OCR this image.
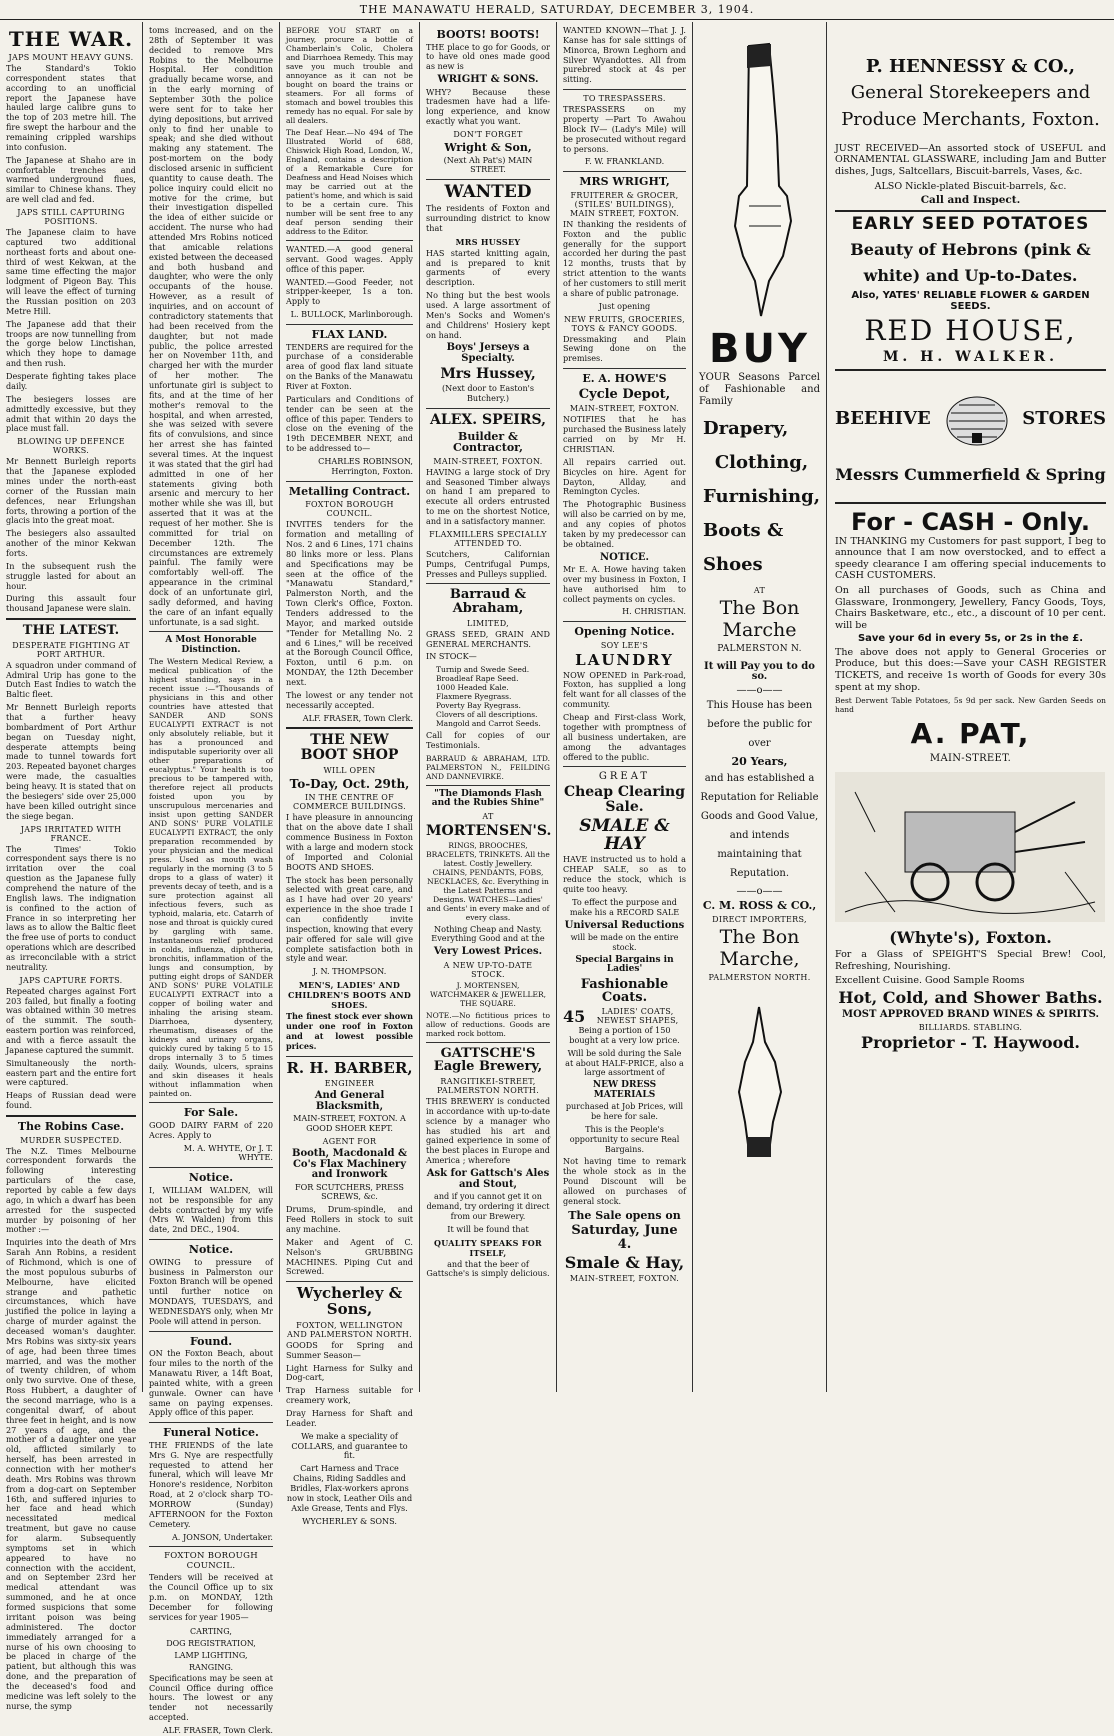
THE MANAWATU HERALD, SATURDAY, DECEMBER 3, 1904.
THE WAR.
JAPS MOUNT HEAVY GUNS.
The Standard's Tokio correspondent states that according to an unofficial report the Japanese have hauled large calibre guns to the top of 203 metre hill. The fire swept the harbour and the remaining crippled warships into confusion.
The Japanese at Shaho are in comfortable trenches and warmed underground flues, similar to Chinese khans. They are well clad and fed.
JAPS STILL CAPTURING POSITIONS.
The Japanese claim to have captured two additional northeast forts and about one-third of west Kekwan, at the same time effecting the major lodgment of Pigeon Bay. This will leave the effect of turning the Russian position on 203 Metre Hill.
The Japanese add that their troops are now tunnelling from the gorge below Linctishan, which they hope to damage and then rush.
Desperate fighting takes place daily.
The besiegers losses are admittedly excessive, but they admit that within 20 days the place must fall.
BLOWING UP DEFENCE WORKS.
Mr Bennett Burleigh reports that the Japanese exploded mines under the north-east corner of the Russian main defences, near Erlungshan forts, throwing a portion of the glacis into the great moat.
The besiegers also assaulted another of the minor Kekwan forts.
In the subsequent rush the struggle lasted for about an hour.
During this assault four thousand Japanese were slain.
THE LATEST.
DESPERATE FIGHTING AT PORT ARTHUR.
A squadron under command of Admiral Urip has gone to the Dutch East Indies to watch the Baltic fleet.
Mr Bennett Burleigh reports that a further heavy bombardment of Port Arthur began on Tuesday night, desperate attempts being made to tunnel towards fort 203. Repeated bayonet charges were made, the casualties being heavy. It is stated that on the besiegers' side over 25,000 have been killed outright since the siege began.
JAPS IRRITATED WITH FRANCE.
The Times' Tokio correspondent says there is no irritation over the coal question as the Japanese fully comprehend the nature of the English laws. The indignation is confined to the action of France in so interpreting her laws as to allow the Baltic fleet the free use of ports to conduct operations which are described as irreconcilable with a strict neutrality.
JAPS CAPTURE FORTS.
Repeated charges against Fort 203 failed, but finally a footing was obtained within 30 metres of the summit. The south-eastern portion was reinforced, and with a fierce assault the Japanese captured the summit.
Simultaneously the north-eastern part and the entire fort were captured.
Heaps of Russian dead were found.
The Robins Case.
MURDER SUSPECTED.
The N.Z. Times Melbourne correspondent forwards the following interesting particulars of the case, reported by cable a few days ago, in which a dwarf has been arrested for the suspected murder by poisoning of her mother :—
Inquiries into the death of Mrs Sarah Ann Robins, a resident of Richmond, which is one of the most populous suburbs of Melbourne, have elicited strange and pathetic circumstances, which have justified the police in laying a charge of murder against the deceased woman's daughter. Mrs Robins was sixty-six years of age, had been three times married, and was the mother of twenty children, of whom only two survive. One of these, Ross Hubbert, a daughter of the second marriage, who is a congenital dwarf, of about three feet in height, and is now 27 years of age, and the mother of a daughter one year old, afflicted similarly to herself, has been arrested in connection with her mother's death. Mrs Robins was thrown from a dog-cart on September 16th, and suffered injuries to her face and head which necessitated medical treatment, but gave no cause for alarm. Subsequently symptoms set in which appeared to have no connection with the accident, and on September 23rd her medical attendant was summoned, and he at once formed suspicions that some irritant poison was being administered. The doctor immediately arranged for a nurse of his own choosing to be placed in charge of the patient, but although this was done, and the preparation of the deceased's food and medicine was left solely to the nurse, the symp
toms increased, and on the 28th of September it was decided to remove Mrs Robins to the Melbourne Hospital. Her condition gradually became worse, and in the early morning of September 30th the police were sent for to take her dying depositions, but arrived only to find her unable to speak; and she died without making any statement. The post-mortem on the body disclosed arsenic in sufficient quantity to cause death. The police inquiry could elicit no motive for the crime, but their investigation dispelled the idea of either suicide or accident. The nurse who had attended Mrs Robins noticed that amicable relations existed between the deceased and both husband and daughter, who were the only occupants of the house. However, as a result of inquiries, and on account of contradictory statements that had been received from the daughter, but not made public, the police arrested her on November 11th, and charged her with the murder of her mother. The unfortunate girl is subject to fits, and at the time of her mother's removal to the hospital, and when arrested, she was seized with severe fits of convulsions, and since her arrest she has fainted several times. At the inquest it was stated that the girl had admitted in one of her statements giving both arsenic and mercury to her mother while she was ill, but asserted that it was at the request of her mother. She is committed for trial on December 12th. The circumstances are extremely painful. The family were comfortably well-off. The appearance in the criminal dock of an unfortunate girl, sadly deformed, and having the care of an infant equally unfortunate, is a sad sight.
A Most Honorable Distinction.
The Western Medical Review, a medical publication of the highest standing, says in a recent issue :—"Thousands of physicians in this and other countries have attested that SANDER AND SONS EUCALYPTI EXTRACT is not only absolutely reliable, but it has a pronounced and indisputable superiority over all other preparations of eucalyptus." Your health is too precious to be tampered with, therefore reject all products foisted upon you by unscrupulous mercenaries and insist upon getting SANDER AND SONS' PURE VOLATILE EUCALYPTI EXTRACT, the only preparation recommended by your physician and the medical press. Used as mouth wash regularly in the morning (3 to 5 drops to a glass of water) it prevents decay of teeth, and is a sure protection against all infectious fevers, such as typhoid, malaria, etc. Catarrh of nose and throat is quickly cured by gargling with same. Instantaneous relief produced in colds, influenza, diphtheria, bronchitis, inflammation of the lungs and consumption, by putting eight drops of SANDER AND SONS' PURE VOLATILE EUCALYPTI EXTRACT into a copper of boiling water and inhaling the arising steam. Diarrhoea, dysentery, rheumatism, diseases of the kidneys and urinary organs, quickly cured by taking 5 to 15 drops internally 3 to 5 times daily. Wounds, ulcers, sprains and skin diseases it heals without inflammation when painted on.
For Sale.
GOOD DAIRY FARM of 220 Acres. Apply to
M. A. WHYTE, Or J. T. WHYTE.
Notice.
I, WILLIAM WALDEN, will not be responsible for any debts contracted by my wife (Mrs W. Walden) from this date, 2nd DEC., 1904.
Notice.
OWING to pressure of business in Palmerston our Foxton Branch will be opened until further notice on MONDAYS, TUESDAYS, and WEDNESDAYS only, when Mr Poole will attend in person.
Found.
ON the Foxton Beach, about four miles to the north of the Manawatu River, a 14ft Boat, painted white, with a green gunwale. Owner can have same on paying expenses. Apply office of this paper.
Funeral Notice.
THE FRIENDS of the late Mrs G. Nye are respectfully requested to attend her funeral, which will leave Mr Honore's residence, Norbiton Road, at 2 o'clock sharp TO-MORROW (Sunday) AFTERNOON for the Foxton Cemetery.
A. JONSON, Undertaker.
FOXTON BOROUGH COUNCIL.
Tenders will be received at the Council Office up to six p.m. on MONDAY, 12th December for following services for year 1905—
CARTING,
DOG REGISTRATION,
LAMP LIGHTING,
RANGING.
Specifications may be seen at Council Office during office hours. The lowest or any tender not necessarily accepted.
ALF. FRASER, Town Clerk.
BEFORE YOU START on a journey, procure a bottle of Chamberlain's Colic, Cholera and Diarrhoea Remedy. This may save you much trouble and annoyance as it can not be bought on board the trains or steamers. For all forms of stomach and bowel troubles this remedy has no equal. For sale by all dealers.
The Deaf Hear.—No 494 of The Illustrated World of 688, Chiswick High Road, London, W., England, contains a description of a Remarkable Cure for Deafness and Head Noises which may be carried out at the patient's home, and which is said to be a certain cure. This number will be sent free to any deaf person sending their address to the Editor.
WANTED.—A good general servant. Good wages. Apply office of this paper.
WANTED.—Good Feeder, not stripper-keeper, 1s a ton. Apply to
L. BULLOCK, Marlinborough.
FLAX LAND.
TENDERS are required for the purchase of a considerable area of good flax land situate on the Banks of the Manawatu River at Foxton.
Particulars and Conditions of tender can be seen at the office of this paper. Tenders to close on the evening of the 19th DECEMBER NEXT, and to be addressed to—
CHARLES ROBINSON, Herrington, Foxton.
Metalling Contract.
FOXTON BOROUGH COUNCIL.
INVITES tenders for the formation and metalling of Nos. 2 and 6 Lines, 171 chains 80 links more or less. Plans and Specifications may be seen at the office of the "Manawatu Standard," Palmerston North, and the Town Clerk's Office, Foxton. Tenders addressed to the Mayor, and marked outside "Tender for Metalling No. 2 and 6 Lines," will be received at the Borough Council Office, Foxton, until 6 p.m. on MONDAY, the 12th December next.
The lowest or any tender not necessarily accepted.
ALF. FRASER, Town Clerk.
THE NEW BOOT SHOP
WILL OPEN
To-Day, Oct. 29th,
IN THE CENTRE OF COMMERCE BUILDINGS.
I have pleasure in announcing that on the above date I shall commence Business in Foxton with a large and modern stock of Imported and Colonial BOOTS AND SHOES.
The stock has been personally selected with great care, and as I have had over 20 years' experience in the shoe trade I can confidently invite inspection, knowing that every pair offered for sale will give complete satisfaction both in style and wear.
J. N. THOMPSON.
MEN'S, LADIES' AND CHILDREN'S BOOTS AND SHOES.
The finest stock ever shown under one roof in Foxton and at lowest possible prices.
R. H. BARBER,
ENGINEER
And General Blacksmith,
MAIN-STREET, FOXTON. A GOOD SHOER KEPT.
AGENT FOR
Booth, Macdonald & Co's Flax Machinery and Ironwork
FOR SCUTCHERS, PRESS SCREWS, &c.
Drums, Drum-spindle, and Feed Rollers in stock to suit any machine.
Maker and Agent of C. Nelson's GRUBBING MACHINES. Piping Cut and Screwed.
Wycherley & Sons,
FOXTON, WELLINGTON AND PALMERSTON NORTH.
GOODS for Spring and Summer Season—
Light Harness for Sulky and Dog-cart,
Trap Harness suitable for creamery work,
Dray Harness for Shaft and Leader.
We make a speciality of COLLARS, and guarantee to fit.
Cart Harness and Trace Chains, Riding Saddles and Bridles, Flax-workers aprons now in stock, Leather Oils and Axle Grease, Tents and Flys.
WYCHERLEY & SONS.
BOOTS! BOOTS!
THE place to go for Goods, or to have old ones made good as new is
WRIGHT & SONS.
WHY? Because these tradesmen have had a life-long experience, and know exactly what you want.
DON'T FORGET
Wright & Son,
(Next Ah Pat's) MAIN STREET.
WANTED
The residents of Foxton and surrounding district to know that
MRS HUSSEY
HAS started knitting again, and is prepared to knit garments of every description.
No thing but the best wools used. A large assortment of Men's Socks and Women's and Childrens' Hosiery kept on hand.
Boys' Jerseys a Specialty.
Mrs Hussey,
(Next door to Easton's Butchery.)
ALEX. SPEIRS,
Builder & Contractor,
MAIN-STREET, FOXTON.
HAVING a large stock of Dry and Seasoned Timber always on hand I am prepared to execute all orders entrusted to me on the shortest Notice, and in a satisfactory manner.
FLAXMILLERS SPECIALLY ATTENDED TO.
Scutchers, Californian Pumps, Centrifugal Pumps, Presses and Pulleys supplied.
Barraud & Abraham,
LIMITED,
GRASS SEED, GRAIN AND GENERAL MERCHANTS.
IN STOCK—
Turnip and Swede Seed.
Broadleaf Rape Seed.
1000 Headed Kale.
Flaxmere Ryegrass.
Poverty Bay Ryegrass.
Clovers of all descriptions.
Mangold and Carrot Seeds.
Call for copies of our Testimonials.
BARRAUD & ABRAHAM, LTD. PALMERSTON N., FEILDING AND DANNEVIRKE.
"The Diamonds Flash and the Rubies Shine"
AT
MORTENSEN'S.
RINGS, BROOCHES, BRACELETS, TRINKETS. All the latest. Costly Jewellery. CHAINS, PENDANTS, FOBS, NECKLACES, &c. Everything in the Latest Patterns and Designs. WATCHES—Ladies' and Gents' in every make and of every class.
Nothing Cheap and Nasty. Everything Good and at the
Very Lowest Prices.
A NEW UP-TO-DATE STOCK.
J. MORTENSEN, WATCHMAKER & JEWELLER, THE SQUARE.
NOTE.—No fictitious prices to allow of reductions. Goods are marked rock bottom.
GATTSCHE'S Eagle Brewery,
RANGITIKEI-STREET, PALMERSTON NORTH.
THIS BREWERY is conducted in accordance with up-to-date science by a manager who has studied his art and gained experience in some of the best places in Europe and America ; wherefore
Ask for Gattsch's Ales and Stout,
and if you cannot get it on demand, try ordering it direct from our Brewery.
It will be found that
QUALITY SPEAKS FOR ITSELF,
and that the beer of Gattsche's is simply delicious.
WANTED KNOWN—That J. J. Kanse has for sale sittings of Minorca, Brown Leghorn and Silver Wyandottes. All from purebred stock at 4s per sitting.
TO TRESPASSERS.
TRESPASSERS on my property —Part To Awahou Block IV— (Lady's Mile) will be prosecuted without regard to persons.
F. W. FRANKLAND.
MRS WRIGHT,
FRUITERER & GROCER, (STILES' BUILDINGS), MAIN STREET, FOXTON.
IN thanking the residents of Foxton and the public generally for the support accorded her during the past 12 months, trusts that by strict attention to the wants of her customers to still merit a share of public patronage.
Just opening
NEW FRUITS, GROCERIES, TOYS & FANCY GOODS.
Dressmaking and Plain Sewing done on the premises.
E. A. HOWE'S
Cycle Depot,
MAIN-STREET, FOXTON.
NOTIFIES that he has purchased the Business lately carried on by Mr H. CHRISTIAN.
All repairs carried out. Bicycles on hire. Agent for Dayton, Allday, and Remington Cycles.
The Photographic Business will also be carried on by me, and any copies of photos taken by my predecessor can be obtained.
NOTICE.
Mr E. A. Howe having taken over my business in Foxton, I have authorised him to collect payments on cycles.
H. CHRISTIAN.
Opening Notice.
SOY LEE'S
LAUNDRY
NOW OPENED in Park-road, Foxton, has supplied a long felt want for all classes of the community.
Cheap and First-class Work, together with promptness of all business undertaken, are among the advantages offered to the public.
GREAT
Cheap Clearing Sale.
SMALE & HAY
HAVE instructed us to hold a CHEAP SALE, so as to reduce the stock, which is quite too heavy.
To effect the purpose and make his a RECORD SALE
Universal Reductions
will be made on the entire stock.
Special Bargains in Ladies'
Fashionable Coats.
45	LADIES' COATS, NEWEST SHAPES,
Being a portion of 150 bought at a very low price.
Will be sold during the Sale at about HALF-PRICE, also a large assortment of
NEW DRESS MATERIALS
purchased at Job Prices, will be here for sale.
This is the People's opportunity to secure Real Bargains.
Not having time to remark the whole stock as in the Pound Discount will be allowed on purchases of general stock.
The Sale opens on
Saturday, June 4.
Smale & Hay,
MAIN-STREET, FOXTON.
BUY
YOUR Seasons Parcel of Fashionable and Family
Drapery,
Clothing,
Furnishing,
Boots & Shoes
AT
The Bon Marche
PALMERSTON N.
It will Pay you to do so.
——o——
This House has been before the public for over
20 Years,
and has established a Reputation for Reliable Goods and Good Value, and intends maintaining that Reputation.
——o——
C. M. ROSS & CO.,
DIRECT IMPORTERS,
The Bon Marche,
PALMERSTON NORTH.
P. HENNESSY & CO.,
General Storekeepers and Produce Merchants, Foxton.
JUST RECEIVED—An assorted stock of USEFUL and ORNAMENTAL GLASSWARE, including Jam and Butter dishes, Jugs, Saltcellars, Biscuit-barrels, Vases, &c.
ALSO Nickle-plated Biscuit-barrels, &c.
Call and Inspect.
EARLY SEED POTATOES
Beauty of Hebrons (pink & white) and Up-to-Dates.
Also, YATES' RELIABLE FLOWER & GARDEN SEEDS.
RED HOUSE,
M. H. WALKER.
BEEHIVE	STORES
Messrs Cummerfield & Spring
For - CASH - Only.
IN THANKING my Customers for past support, I beg to announce that I am now overstocked, and to effect a speedy clearance I am offering special inducements to CASH CUSTOMERS.
On all purchases of Goods, such as China and Glassware, Ironmongery, Jewellery, Fancy Goods, Toys, Chairs Basketware, etc., etc., a discount of 10 per cent. will be
Save your 6d in every 5s, or 2s in the £.
The above does not apply to General Groceries or Produce, but this does:—Save your CASH REGISTER TICKETS, and receive 1s worth of Goods for every 30s spent at my shop.
Best Derwent Table Potatoes, 5s 9d per sack. New Garden Seeds on hand
A. PAT,
MAIN-STREET.
(Whyte's), Foxton.
For a Glass of SPEIGHT'S Special Brew! Cool, Refreshing, Nourishing.
Excellent Cuisine. Good Sample Rooms
Hot, Cold, and Shower Baths.
MOST APPROVED BRAND WINES & SPIRITS.
BILLIARDS. STABLING.
Proprietor - T. Haywood.
